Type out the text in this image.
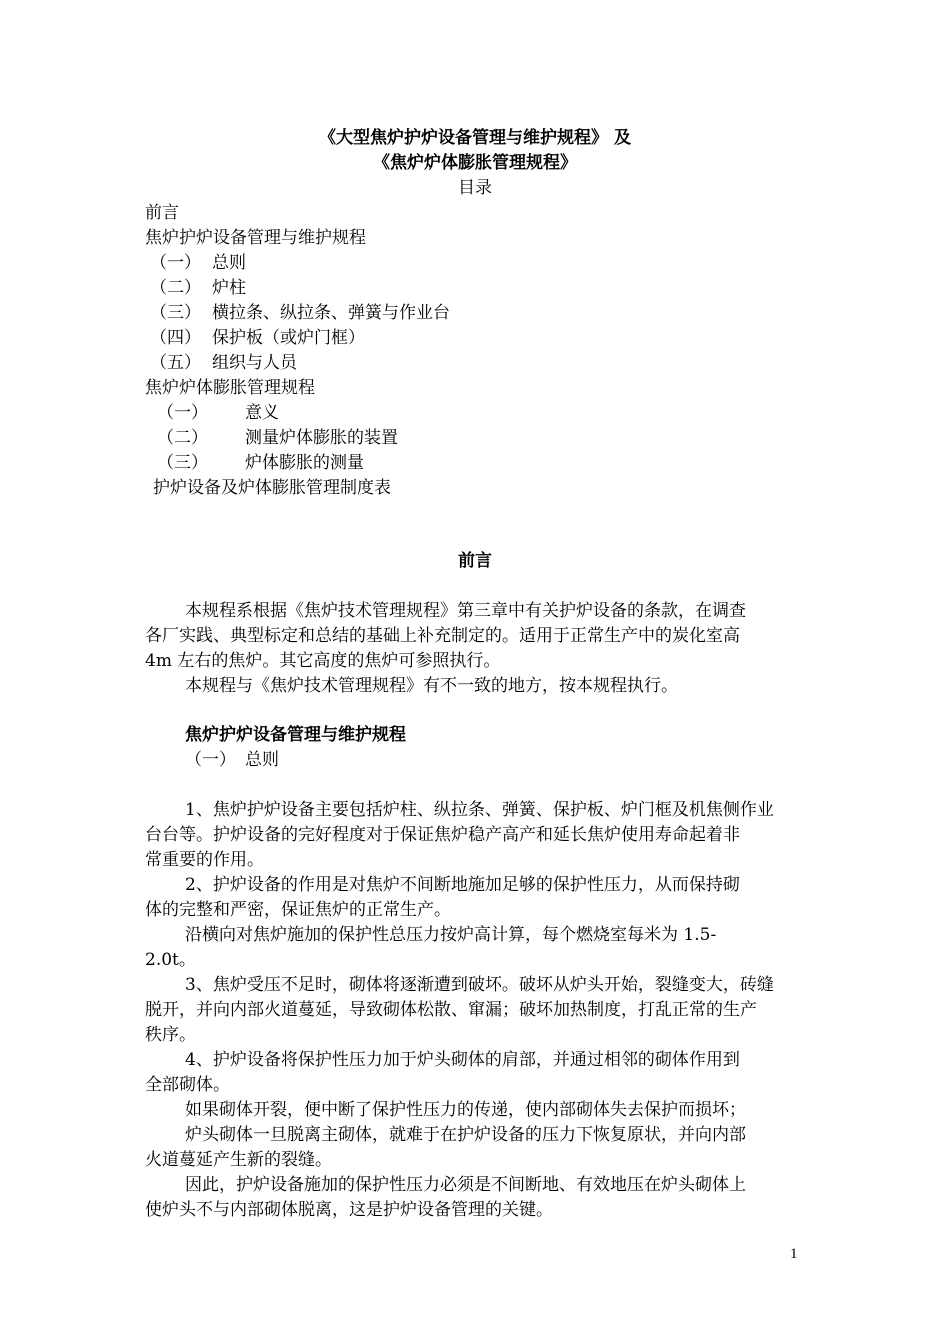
《大型焦炉护炉设备管理与维护规程》 及
《焦炉炉体膨胀管理规程》
目录
前言
焦炉护炉设备管理与维护规程
（一） 总则
（二） 炉柱
（三） 横拉条、纵拉条、弹簧与作业台
（四） 保护板（或炉门框）
（五） 组织与人员
焦炉炉体膨胀管理规程
（一） 意义
（二） 测量炉体膨胀的装置
（三） 炉体膨胀的测量
护炉设备及炉体膨胀管理制度表
前言
本规程系根据《焦炉技术管理规程》第三章中有关护炉设备的条款，在调查
各厂实践、典型标定和总结的基础上补充制定的。适用于正常生产中的炭化室高
4m 左右的焦炉。其它高度的焦炉可参照执行。
本规程与《焦炉技术管理规程》有不一致的地方，按本规程执行。
焦炉护炉设备管理与维护规程
（一） 总则
1、焦炉护炉设备主要包括炉柱、纵拉条、弹簧、保护板、炉门框及机焦侧作业
台台等。护炉设备的完好程度对于保证焦炉稳产高产和延长焦炉使用寿命起着非
常重要的作用。
2、护炉设备的作用是对焦炉不间断地施加足够的保护性压力，从而保持砌
体的完整和严密，保证焦炉的正常生产。
沿横向对焦炉施加的保护性总压力按炉高计算，每个燃烧室每米为 1.5-
2.0t。
3、焦炉受压不足时，砌体将逐渐遭到破坏。破坏从炉头开始，裂缝变大，砖缝
脱开，并向内部火道蔓延，导致砌体松散、窜漏；破坏加热制度，打乱正常的生产
秩序。
4、护炉设备将保护性压力加于炉头砌体的肩部，并通过相邻的砌体作用到
全部砌体。
如果砌体开裂，便中断了保护性压力的传递，使内部砌体失去保护而损坏；
炉头砌体一旦脱离主砌体，就难于在护炉设备的压力下恢复原状，并向内部
火道蔓延产生新的裂缝。
因此，护炉设备施加的保护性压力必须是不间断地、有效地压在炉头砌体上
使炉头不与内部砌体脱离，这是护炉设备管理的关键。
1
